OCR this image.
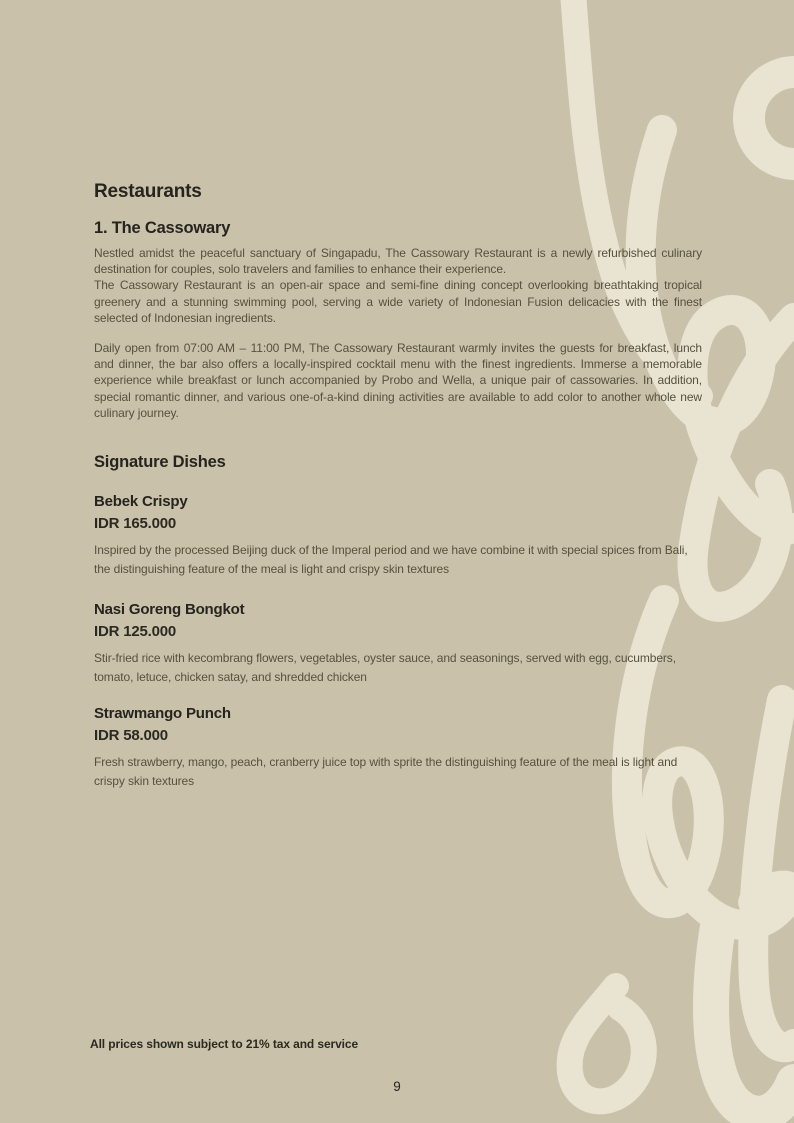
Restaurants
1. The Cassowary

Nestled amidst the peaceful sanctuary of Singapadu, The Cassowary Restaurant is a newly refurbished culinary destination for couples, solo travelers and families to enhance their experience.

The Cassowary Restaurant is an open-air space and semi-fine dining concept overlooking breathtaking tropical greenery and a stunning swimming pool, serving a wide variety of Indonesian Fusion delicacies with the finest selected of Indonesian ingredients.

Daily open from 07:00 AM – 11:00 PM, The Cassowary Restaurant warmly invites the guests for breakfast, lunch and dinner, the bar also offers a locally-inspired cocktail menu with the finest ingredients. Immerse a memorable experience while breakfast or lunch accompanied by Probo and Wella, a unique pair of cassowaries. In addition, special romantic dinner, and various one-of-a-kind dining activities are available to add color to another whole new culinary journey.

Signature Dishes

Bebek Crispy

IDR 165.000

Inspired by the processed Beijing duck of the Imperal period and we have combine it with special spices from Bali, the distinguishing feature of the meal is light and crispy skin textures

Nasi Goreng Bongkot

IDR 125.000

Stir-fried rice with kecombrang flowers, vegetables, oyster sauce, and seasonings, served with egg, cucumbers, tomato, letuce, chicken satay, and shredded chicken

Strawmango Punch

IDR 58.000

Fresh strawberry, mango, peach, cranberry juice top with sprite the distinguishing feature of the meal is light and crispy skin textures

All prices shown subject to 21% tax and service
9
